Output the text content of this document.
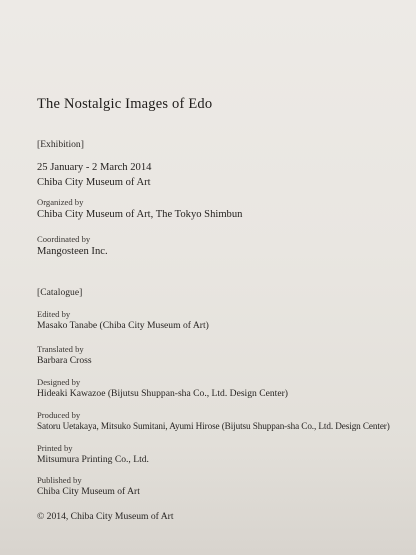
The Nostalgic Images of Edo
[Exhibition]
25 January - 2 March 2014
Chiba City Museum of Art
Organized by
Chiba City Museum of Art, The Tokyo Shimbun
Coordinated by
Mangosteen Inc.
[Catalogue]
Edited by
Masako Tanabe (Chiba City Museum of Art)
Translated by
Barbara Cross
Designed by
Hideaki Kawazoe (Bijutsu Shuppan-sha Co., Ltd. Design Center)
Produced by
Satoru Uetakaya, Mitsuko Sumitani, Ayumi Hirose (Bijutsu Shuppan-sha Co., Ltd. Design Center)
Printed by
Mitsumura Printing Co., Ltd.
Published by
Chiba City Museum of Art
© 2014, Chiba City Museum of Art
